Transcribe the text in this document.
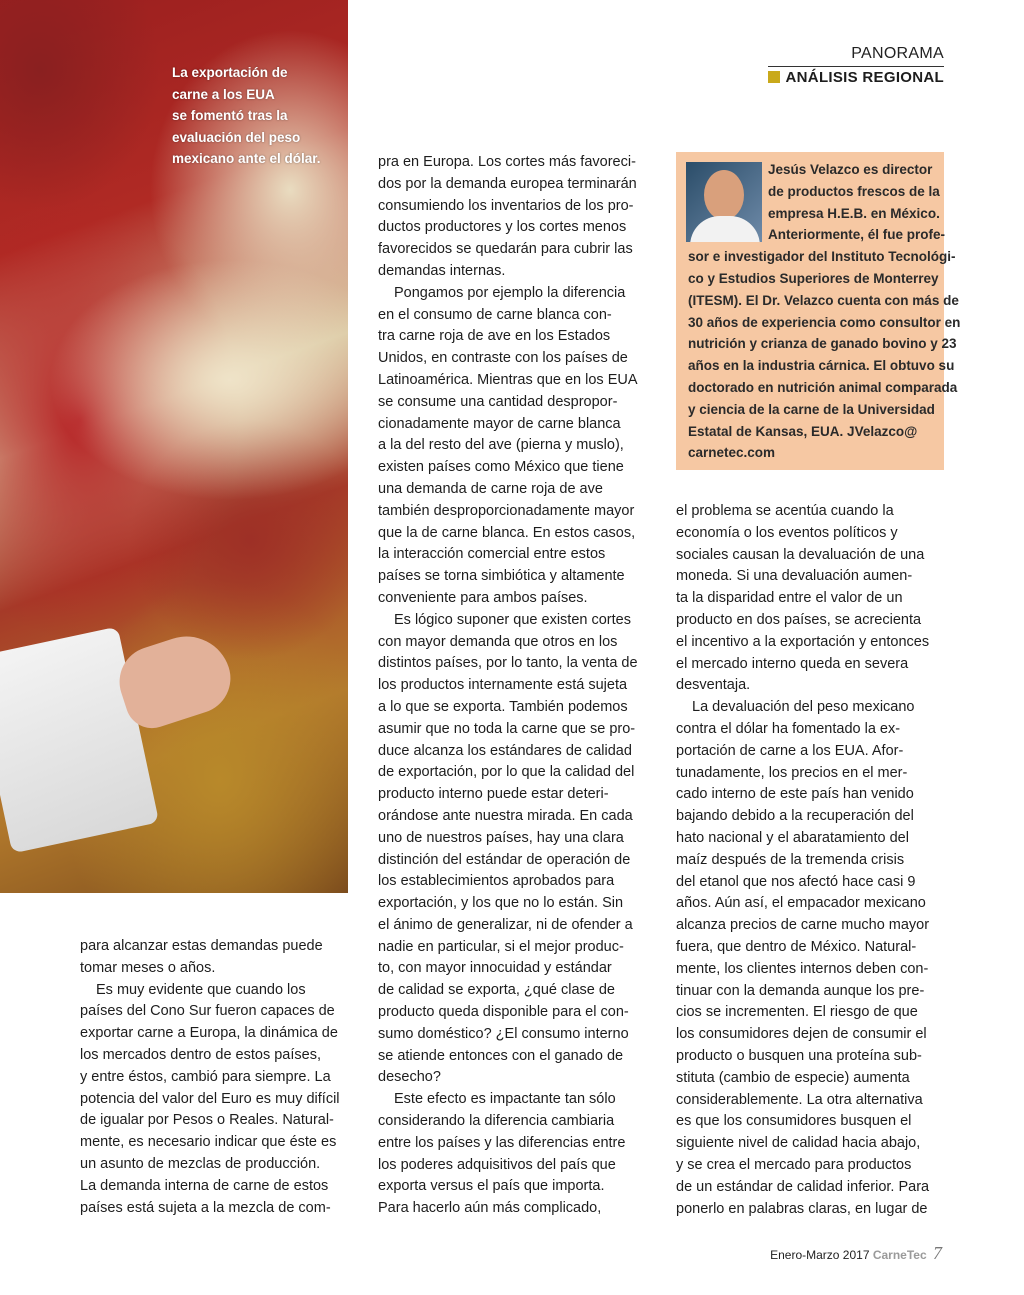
La exportación de
carne a los EUA
se fomentó tras la
evaluación del peso
mexicano ante el dólar.
PANORAMA
ANÁLISIS REGIONAL
Jesús Velazco es director
de productos frescos de la
empresa H.E.B. en México.
Anteriormente, él fue profe-
sor e investigador del Instituto Tecnológi-
co y Estudios Superiores de Monterrey
(ITESM). El Dr. Velazco cuenta con más de
30 años de experiencia como consultor en
nutrición y crianza de ganado bovino y 23
años en la industria cárnica. El obtuvo su
doctorado en nutrición animal comparada
y ciencia de la carne de la Universidad
Estatal de Kansas, EUA. JVelazco@
carnetec.com
para alcanzar estas demandas puede
tomar meses o años.
Es muy evidente que cuando los
países del Cono Sur fueron capaces de
exportar carne a Europa, la dinámica de
los mercados dentro de estos países,
y entre éstos, cambió para siempre. La
potencia del valor del Euro es muy difícil
de igualar por Pesos o Reales. Natural-
mente, es necesario indicar que éste es
un asunto de mezclas de producción.
La demanda interna de carne de estos
países está sujeta a la mezcla de com-
pra en Europa. Los cortes más favoreci-
dos por la demanda europea terminarán
consumiendo los inventarios de los pro-
ductos productores y los cortes menos
favorecidos se quedarán para cubrir las
demandas internas.
Pongamos por ejemplo la diferencia
en el consumo de carne blanca con-
tra carne roja de ave en los Estados
Unidos, en contraste con los países de
Latinoamérica. Mientras que en los EUA
se consume una cantidad despropor-
cionadamente mayor de carne blanca
a la del resto del ave (pierna y muslo),
existen países como México que tiene
una demanda de carne roja de ave
también desproporcionadamente mayor
que la de carne blanca. En estos casos,
la interacción comercial entre estos
países se torna simbiótica y altamente
conveniente para ambos países.
Es lógico suponer que existen cortes
con mayor demanda que otros en los
distintos países, por lo tanto, la venta de
los productos internamente está sujeta
a lo que se exporta. También podemos
asumir que no toda la carne que se pro-
duce alcanza los estándares de calidad
de exportación, por lo que la calidad del
producto interno puede estar deteri-
orándose ante nuestra mirada. En cada
uno de nuestros países, hay una clara
distinción del estándar de operación de
los establecimientos aprobados para
exportación, y los que no lo están. Sin
el ánimo de generalizar, ni de ofender a
nadie en particular, si el mejor produc-
to, con mayor innocuidad y estándar
de calidad se exporta, ¿qué clase de
producto queda disponible para el con-
sumo doméstico? ¿El consumo interno
se atiende entonces con el ganado de
desecho?
Este efecto es impactante tan sólo
considerando la diferencia cambiaria
entre los países y las diferencias entre
los poderes adquisitivos del país que
exporta versus el país que importa.
Para hacerlo aún más complicado,
el problema se acentúa cuando la
economía o los eventos políticos y
sociales causan la devaluación de una
moneda. Si una devaluación aumen-
ta la disparidad entre el valor de un
producto en dos países, se acrecienta
el incentivo a la exportación y entonces
el mercado interno queda en severa
desventaja.
La devaluación del peso mexicano
contra el dólar ha fomentado la ex-
portación de carne a los EUA. Afor-
tunadamente, los precios en el mer-
cado interno de este país han venido
bajando debido a la recuperación del
hato nacional y el abaratamiento del
maíz después de la tremenda crisis
del etanol que nos afectó hace casi 9
años. Aún así, el empacador mexicano
alcanza precios de carne mucho mayor
fuera, que dentro de México. Natural-
mente, los clientes internos deben con-
tinuar con la demanda aunque los pre-
cios se incrementen. El riesgo de que
los consumidores dejen de consumir el
producto o busquen una proteína sub-
stituta (cambio de especie) aumenta
considerablemente. La otra alternativa
es que los consumidores busquen el
siguiente nivel de calidad hacia abajo,
y se crea el mercado para productos
de un estándar de calidad inferior. Para
ponerlo en palabras claras, en lugar de
Enero-Marzo 2017 CarneTec 7
